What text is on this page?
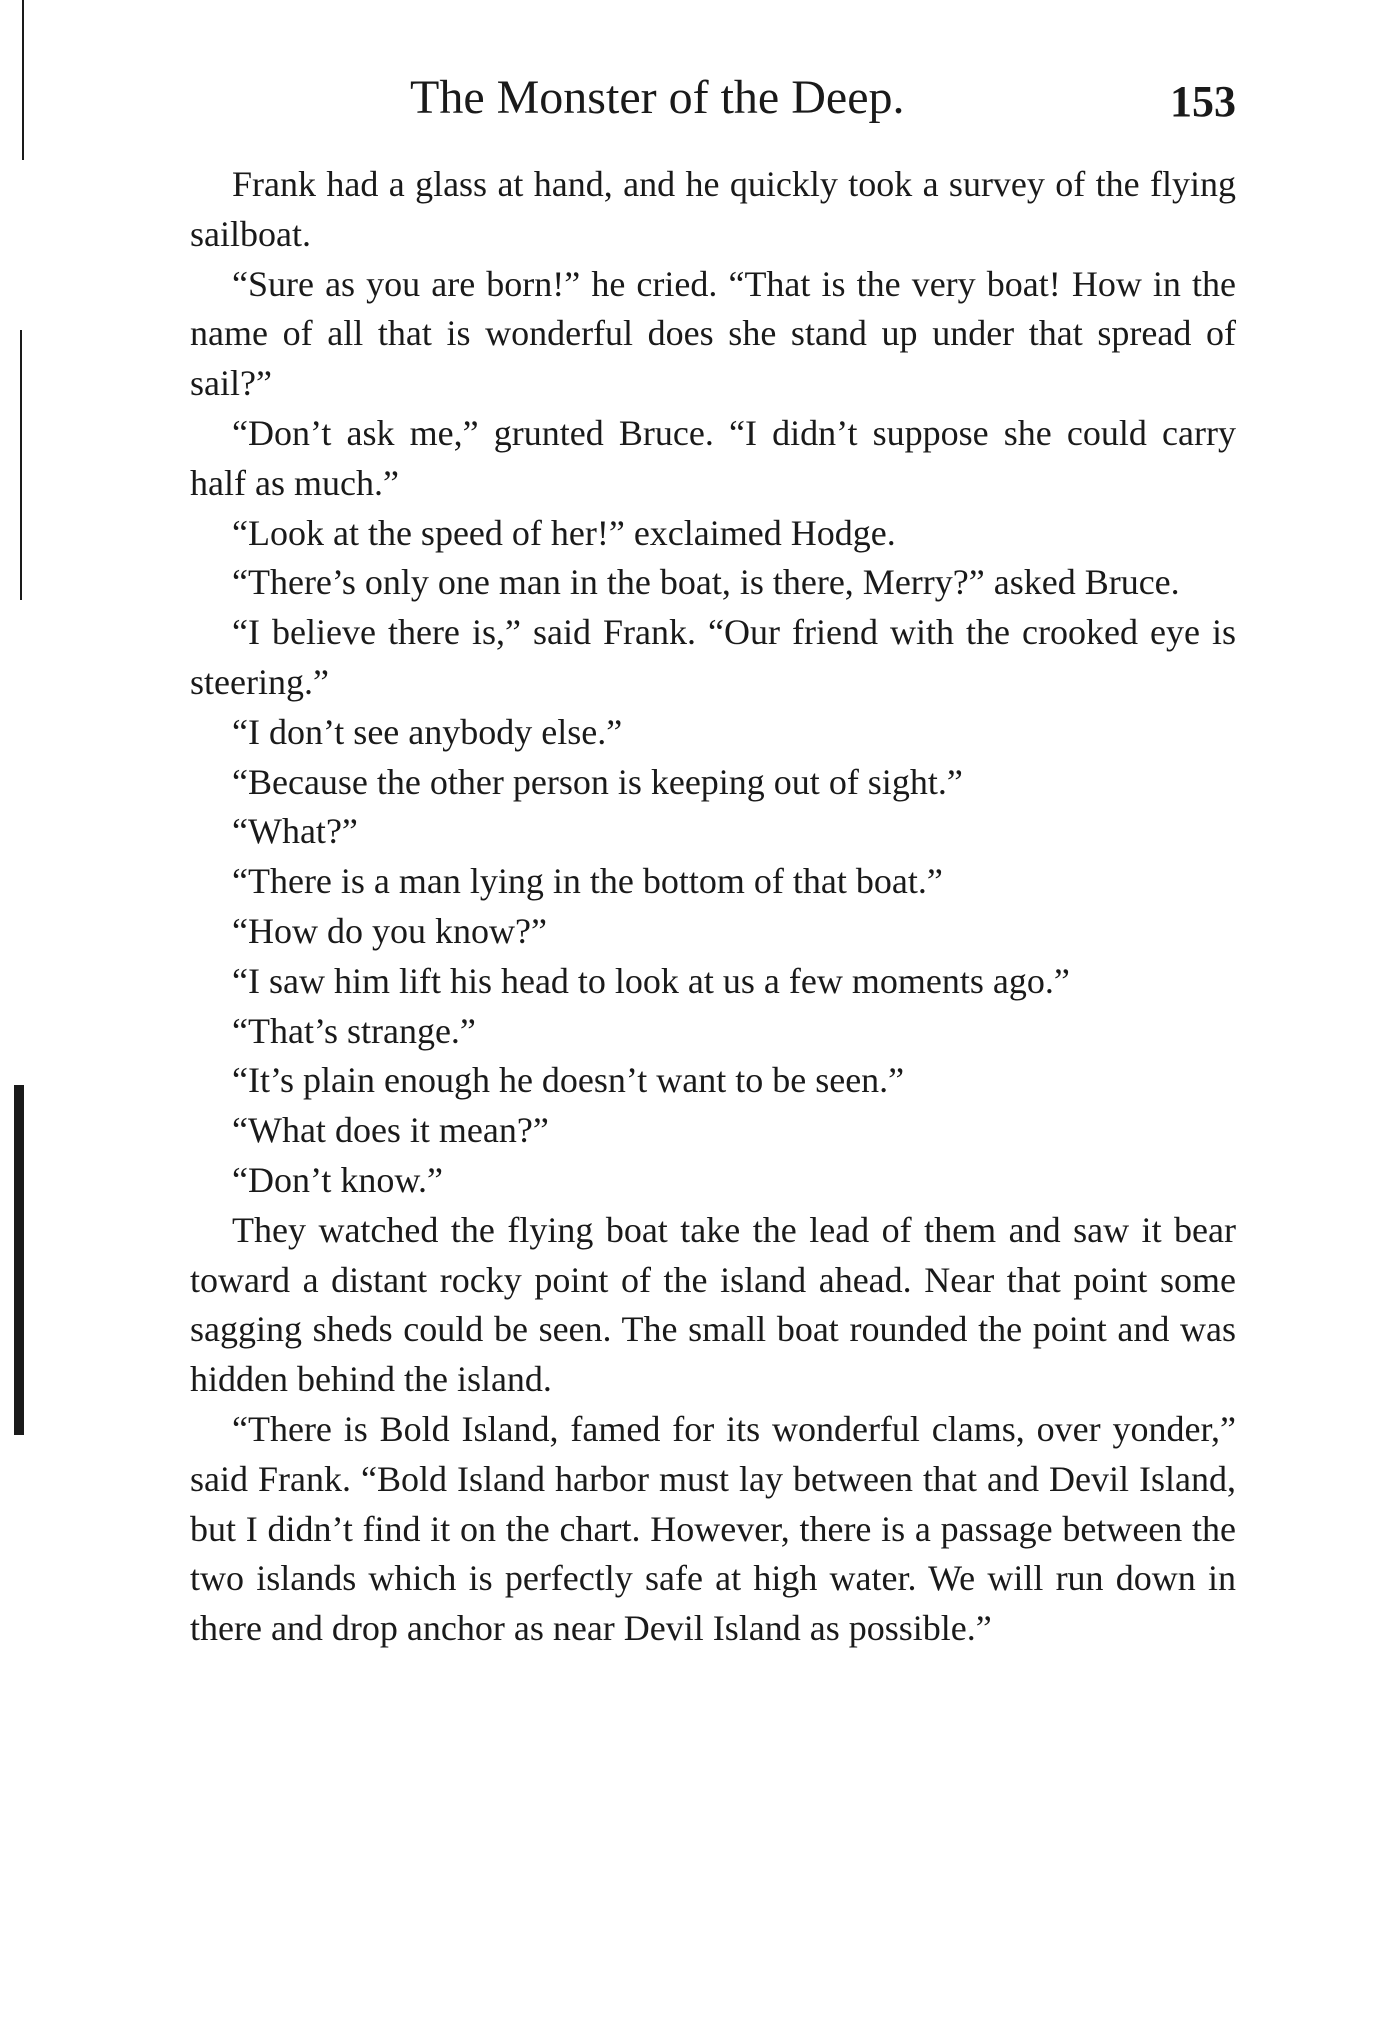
The Monster of the Deep.	153

Frank had a glass at hand, and he quickly took a survey of the flying sailboat.

“Sure as you are born!” he cried. “That is the very boat! How in the name of all that is wonderful does she stand up under that spread of sail?”

“Don’t ask me,” grunted Bruce. “I didn’t suppose she could carry half as much.”

“Look at the speed of her!” exclaimed Hodge.

“There’s only one man in the boat, is there, Merry?” asked Bruce.

“I believe there is,” said Frank. “Our friend with the crooked eye is steering.”

“I don’t see anybody else.”

“Because the other person is keeping out of sight.”

“What?”

“There is a man lying in the bottom of that boat.”

“How do you know?”

“I saw him lift his head to look at us a few moments ago.”

“That’s strange.”

“It’s plain enough he doesn’t want to be seen.”

“What does it mean?”

“Don’t know.”

They watched the flying boat take the lead of them and saw it bear toward a distant rocky point of the island ahead. Near that point some sagging sheds could be seen. The small boat rounded the point and was hidden behind the island.

“There is Bold Island, famed for its wonderful clams, over yonder,” said Frank. “Bold Island harbor must lay between that and Devil Island, but I didn’t find it on the chart. However, there is a passage between the two islands which is perfectly safe at high water. We will run down in there and drop anchor as near Devil Island as possible.”
